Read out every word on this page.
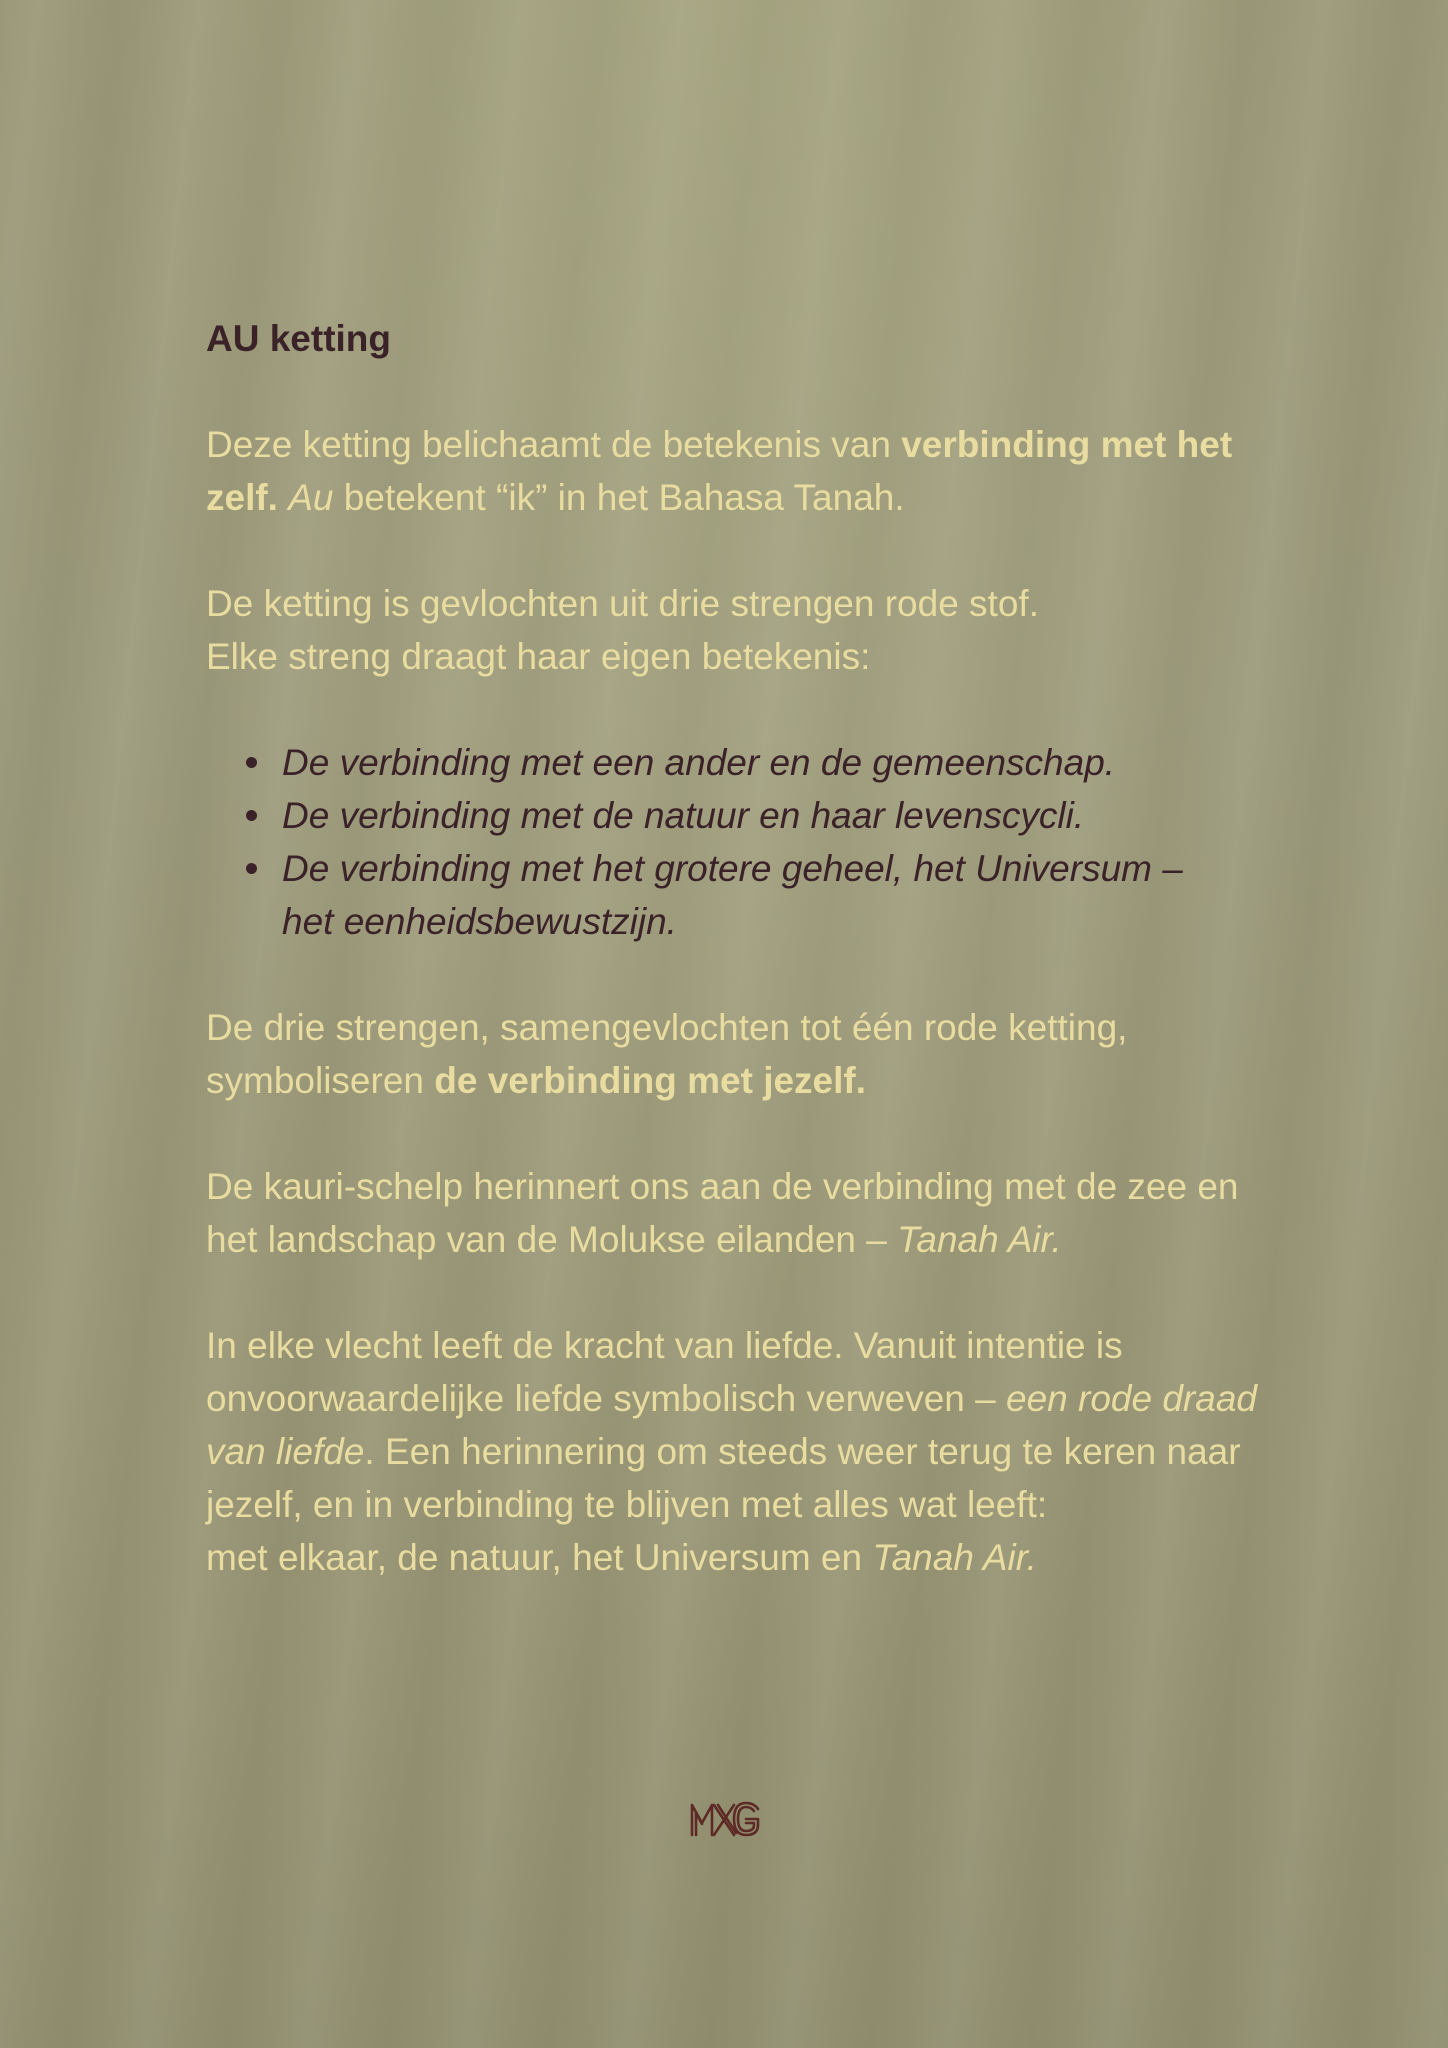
AU ketting

Deze ketting belichaamt de betekenis van verbinding met het
zelf. Au betekent “ik” in het Bahasa Tanah.

De ketting is gevlochten uit drie strengen rode stof.
Elke streng draagt haar eigen betekenis:

De verbinding met een ander en de gemeenschap.
De verbinding met de natuur en haar levenscycli.
De verbinding met het grotere geheel, het Universum –
het eenheidsbewustzijn.

De drie strengen, samengevlochten tot één rode ketting,
symboliseren de verbinding met jezelf.

De kauri-schelp herinnert ons aan de verbinding met de zee en
het landschap van de Molukse eilanden – Tanah Air.

In elke vlecht leeft de kracht van liefde. Vanuit intentie is
onvoorwaardelijke liefde symbolisch verweven – een rode draad
van liefde. Een herinnering om steeds weer terug te keren naar
jezelf, en in verbinding te blijven met alles wat leeft:
met elkaar, de natuur, het Universum en Tanah Air.
